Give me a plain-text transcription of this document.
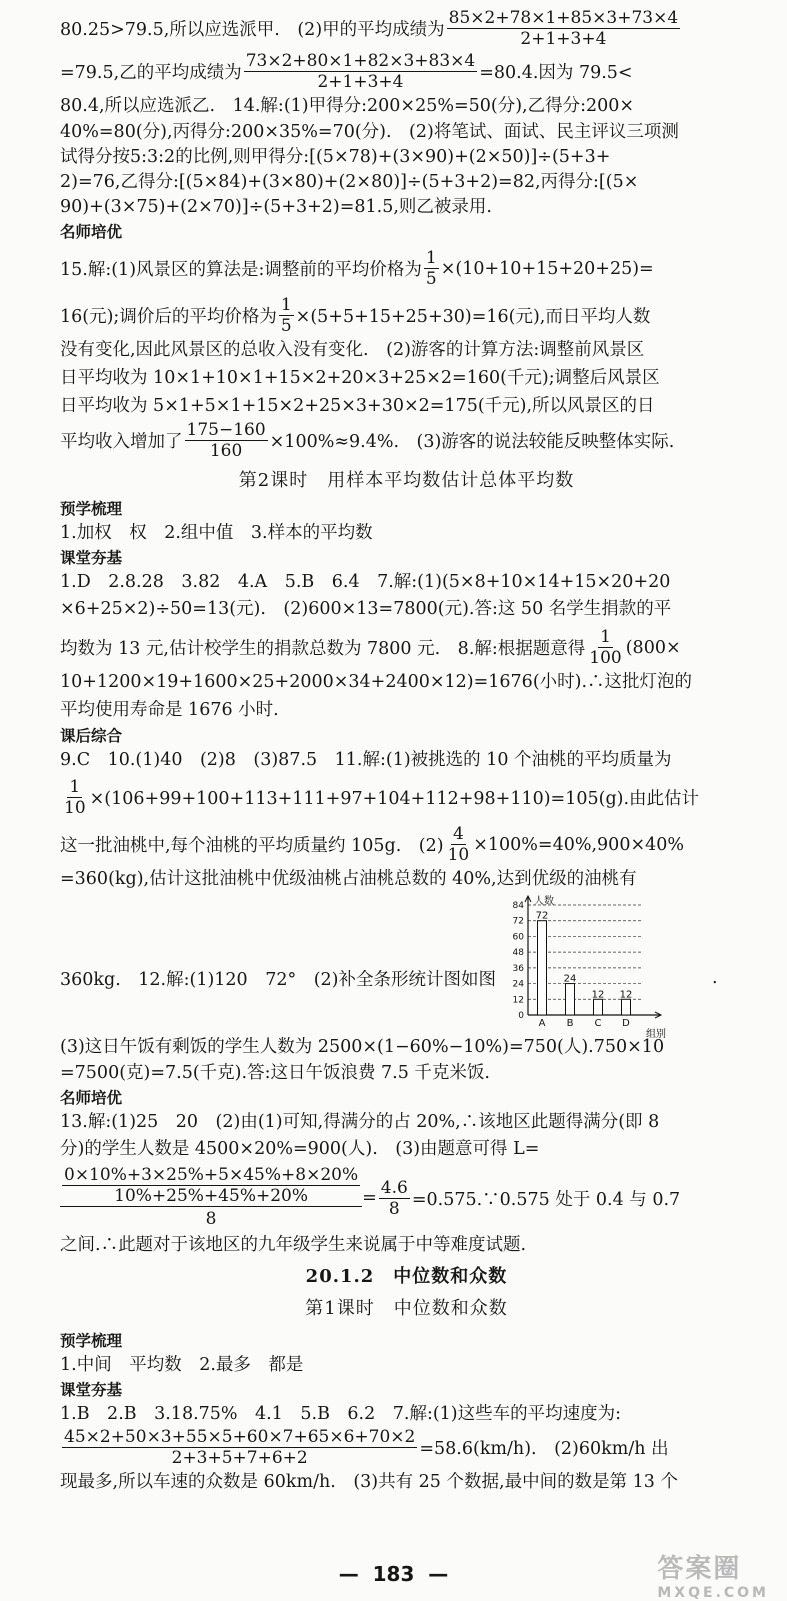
80.25>79.5,所以应选派甲.　(2)甲的平均成绩为 $\frac{85\times 2+78\times 1+85\times 3+73\times 4}{2+1+3+4}$
=79.5,乙的平均成绩为 $\frac{73\times 2+80\times 1+82\times 3+83\times 4}{2+1+3+4} =80.4$.因为 79.5<

80.4,所以应选派乙.　14.解:(1)甲得分:200×25%=50(分),乙得分:200×

40%=80(分),丙得分:200×35%=70(分).　(2)将笔试、面试、民主评议三项测

试得分按5:3:2的比例,则甲得分:[(5×78)+(3×90)+(2×50)]÷(5+3+

2)=76,乙得分:[(5×84)+(3×80)+(2×80)]÷(5+3+2)=82,丙得分:[(5×

90)+(3×75)+(2×70)]÷(5+3+2)=81.5,则乙被录用.

名师培优

15.解:(1)风景区的算法是:调整前的平均价格为 $\frac{1}{5} \times(10+10+15+20+25)=$
16(元);调价后的平均价格为 $\frac{1}{5} \times(5+5+15+25+30)=16$(元),而日平均人数

没有变化,因此风景区的总收入没有变化.　(2)游客的计算方法:调整前风景区

日平均收为 10×1+10×1+15×2+20×3+25×2=160(千元);调整后风景区

日平均收为 5×1+5×1+15×2+25×3+30×2=175(千元),所以风景区的日

平均收入增加了 $\frac{175-160}{160} \times 100\%\approx 9.4\%$.　(3)游客的说法较能反映整体实际.

第2课时　用样本平均数估计总体平均数

预学梳理

1.加权　权　2.组中值　3.样本的平均数

课堂夯基

1.D　2.8.28　3.82　4.A　5.B　6.4　7.解:(1)(5×8+10×14+15×20+20

×6+25×2)÷50=13(元).　(2)600×13=7800(元).答:这 50 名学生捐款的平

均数为 13 元,估计校学生的捐款总数为 7800 元.　8.解:根据题意得 $\frac{1}{100} (800\times$

10+1200×19+1600×25+2000×34+2400×12)=1676(小时).∴这批灯泡的

平均使用寿命是 1676 小时.

课后综合

9.C　10.(1)40　(2)8　(3)87.5　11.解:(1)被挑选的 10 个油桃的平均质量为

$\frac{1}{10} \times(106+99+100+113+111+97+104+112+98+110)=105(g)$.由此估计
这一批油桃中,每个油桃的平均质量约 105g.　$(2) \frac{4}{10} \times 100\%=40\%,900\times 40\%$

=360(kg),估计这批油桃中优级油桃占油桃总数的 40%,达到优级的油桃有

360kg.　12.解:(1)120　72°　(2)补全条形统计图如图
0
12
24
36
48
60
72
84 人数
组别
72
A
24
B
12
C
12
D
.

(3)这日午饭有剩饭的学生人数为 2500×(1−60%−10%)=750(人).750×10

=7500(克)=7.5(千克).答:这日午饭浪费 7.5 千克米饭.

名师培优

13.解:(1)25　20　(2)由(1)可知,得满分的占 20%,∴该地区此题得满分(即 8

分)的学生人数是 4500×20%=900(人).　(3)由题意可得 L=

$\frac{\frac{0\times 10\%+3\times 25\%+5\times 45\%+8\times 20\%}{10\%+25\%+45\%+20\%}}{8} = \frac{4.6}{8}$ =0.575.∵0.575 处于 0.4 与 0.7

之间.∴此题对于该地区的九年级学生来说属于中等难度试题.

20.1.2　中位数和众数

第1课时　中位数和众数

预学梳理

1.中间　平均数　2.最多　都是

课堂夯基

1.B　2.B　3.18.75%　4.1　5.B　6.2　7.解:(1)这些车的平均速度为:

$\frac{45\times 2+50\times 3+55\times 5+60\times 7+65\times 6+70\times 2}{2+3+5+7+6+2} =58.6(km/h)$.　(2)60km/h 出

现最多,所以车速的众数是 60km/h.　(3)共有 25 个数据,最中间的数是第 13 个

—  183  —	答案圈
MXQE.COM
